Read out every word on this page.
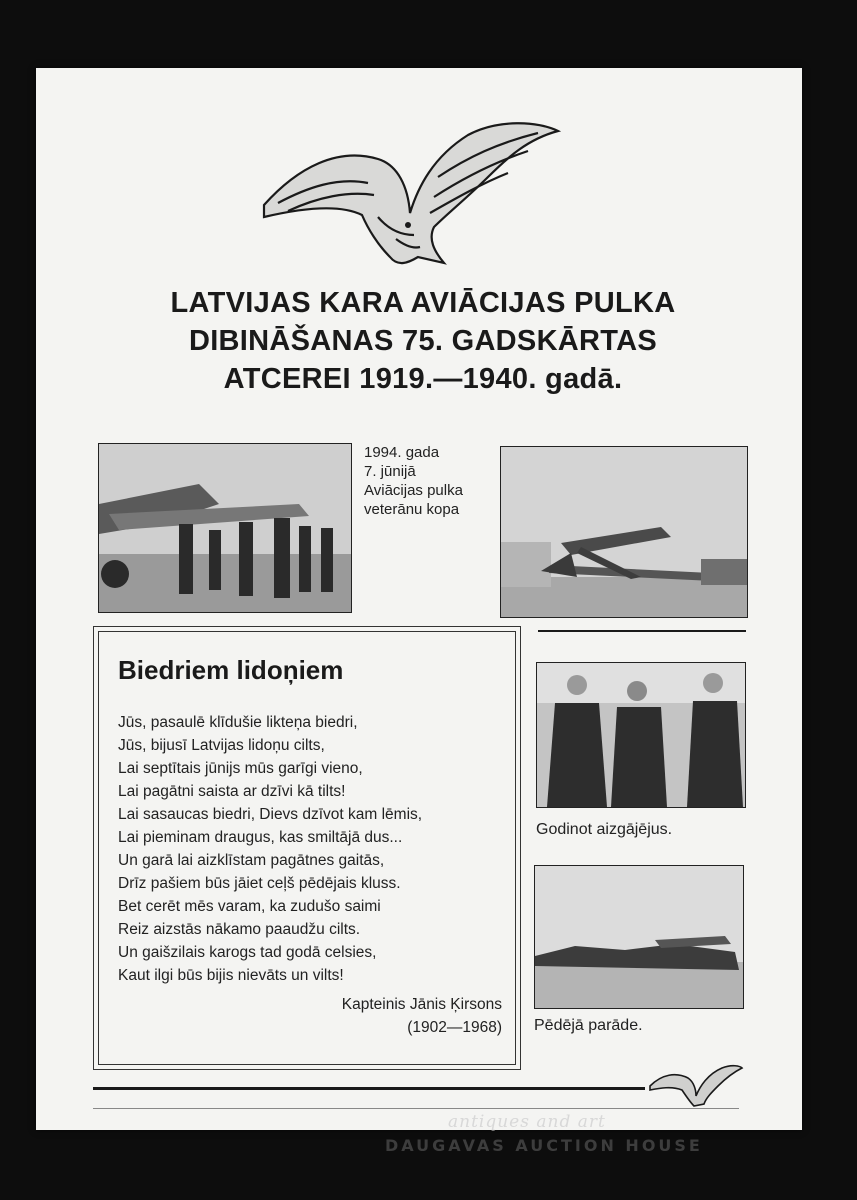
LATVIJAS KARA AVIĀCIJAS PULKA
DIBINĀŠANAS 75. GADSKĀRTAS
ATCEREI 1919.—1940. gadā.
1994. gada
7. jūnijā
Aviācijas pulka
veterānu kopa
Biedriem lidoņiem
Jūs, pasaulē klīdušie likteņa biedri,
Jūs, bijusī Latvijas lidoņu cilts,
Lai septītais jūnijs mūs garīgi vieno,
Lai pagātni saista ar dzīvi kā tilts!
Lai sasaucas biedri, Dievs dzīvot kam lēmis,
Lai pieminam draugus, kas smiltājā dus...
Un garā lai aizklīstam pagātnes gaitās,
Drīz pašiem būs jāiet ceļš pēdējais kluss.
Bet cerēt mēs varam, ka zudušo saimi
Reiz aizstās nākamo paaudžu cilts.
Un gaišzilais karogs tad godā celsies,
Kaut ilgi būs bijis nievāts un vilts!
Kapteinis Jānis Ķirsons
(1902—1968)
Godinot aizgājējus.
Pēdējā parāde.
antiques and art
DAUGAVAS AUCTION HOUSE
